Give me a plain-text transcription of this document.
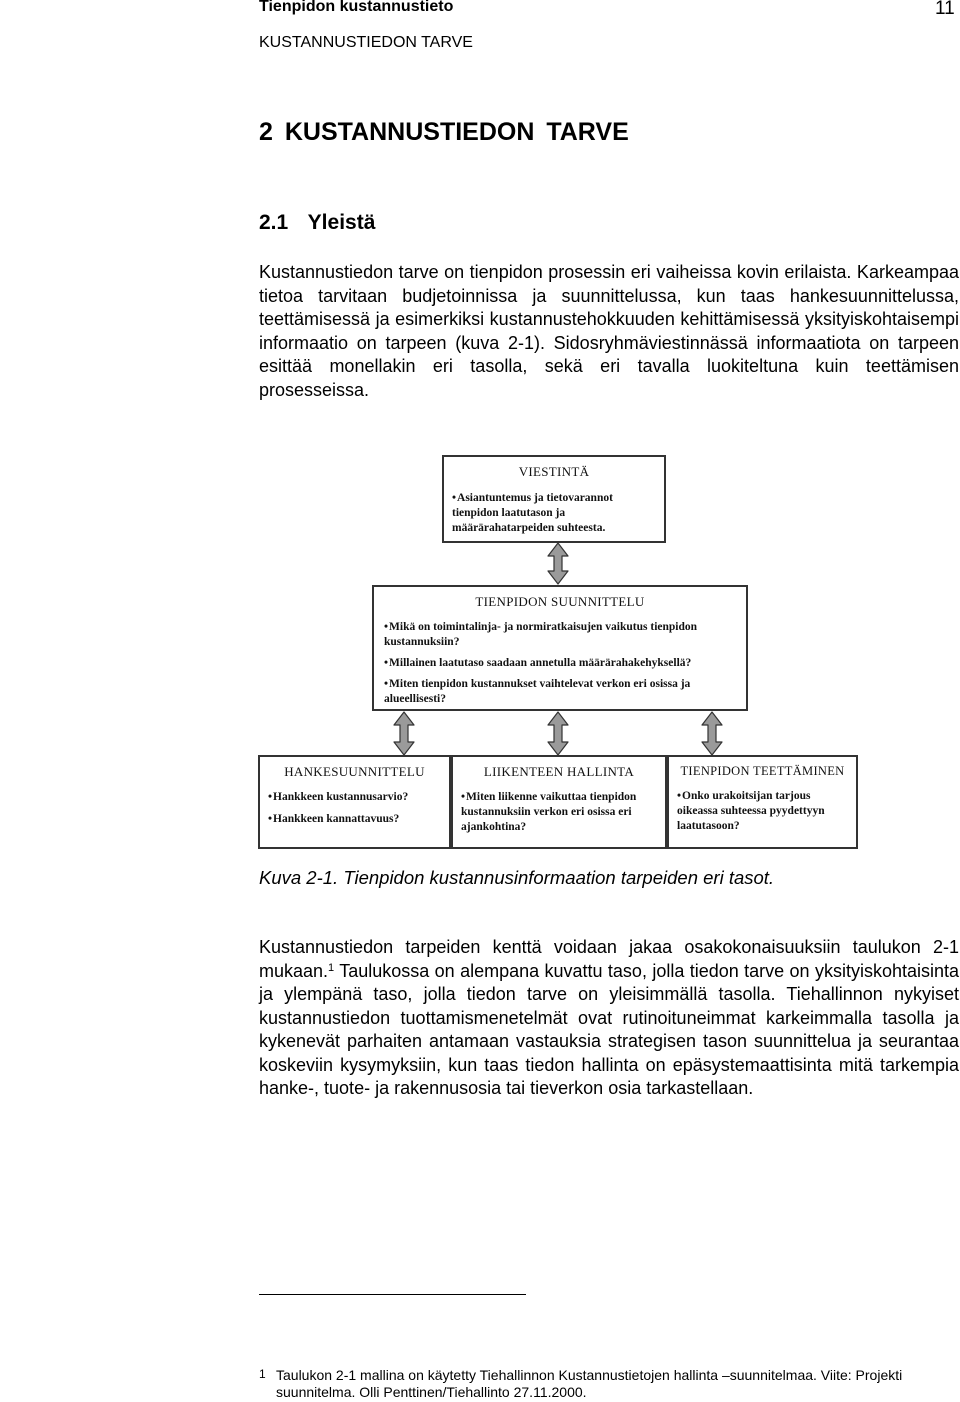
Tienpidon kustannustieto	11
KUSTANNUSTIEDON TARVE
2 KUSTANNUSTIEDON TARVE
2.1 Yleistä

Kustannustiedon tarve on tienpidon prosessin eri vaiheissa kovin erilaista. Karkeampaa tietoa tarvitaan budjetoinnissa ja suunnittelussa, kun taas hankesuunnittelussa, teettämisessä ja esimerkiksi kustannustehokkuuden kehittämisessä yksityiskohtaisempi informaatio on tarpeen (kuva 2-1). Sidosryhmäviestinnässä informaatiota on tarpeen esittää monellakin eri tasolla, sekä eri tavalla luokiteltuna kuin teettämisen prosesseissa.

VIESTINTÄ
• Asiantuntemus ja tietovarannot tienpidon laatutason ja määrärahatarpeiden suhteesta.
TIENPIDON SUUNNITTELU
• Mikä on toimintalinja- ja normiratkaisujen vaikutus tienpidon kustannuksiin?
• Millainen laatutaso saadaan annetulla määrärahakehyksellä?
• Miten tienpidon kustannukset vaihtelevat verkon eri osissa ja alueellisesti?
HANKESUUNNITTELU
• Hankkeen kustannusarvio?
• Hankkeen kannattavuus?
LIIKENTEEN HALLINTA
• Miten liikenne vaikuttaa tienpidon kustannuksiin verkon eri osissa eri ajankohtina?
TIENPIDON TEETTÄMINEN
• Onko urakoitsijan tarjous oikeassa suhteessa pyydettyyn laatutasoon?
Kuva 2-1. Tienpidon kustannusinformaation tarpeiden eri tasot.

Kustannustiedon tarpeiden kenttä voidaan jakaa osakokonaisuuksiin taulukon 2-1 mukaan.$^1$ Taulukossa on alempana kuvattu taso, jolla tiedon tarve on yksityiskohtaisinta ja ylempänä taso, jolla tiedon tarve on yleisimmällä tasolla. Tiehallinnon nykyiset kustannustiedon tuottamismenetelmät ovat rutinoituneimmat karkeimmalla tasolla ja kykenevät parhaiten antamaan vastauksia strategisen tason suunnittelua ja seurantaa koskeviin kysymyksiin, kun taas tiedon hallinta on epäsystemaattisinta mitä tarkempia hanke-, tuote- ja rakennusosia tai tieverkon osia tarkastellaan.

1 Taulukon 2-1 mallina on käytetty Tiehallinnon Kustannustietojen hallinta –suunnitelmaa. Viite: Projekti suunnitelma. Olli Penttinen/Tiehallinto 27.11.2000.
